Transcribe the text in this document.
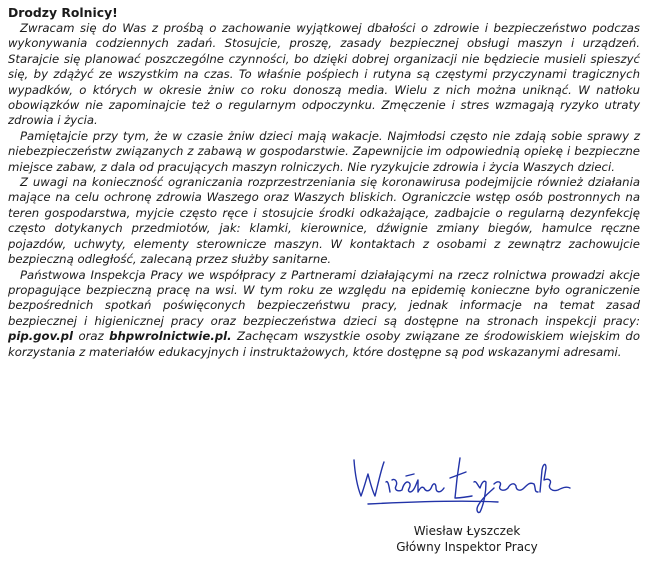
Drodzy Rolnicy!

Zwracam się do Was z prośbą o zachowanie wyjątkowej dbałości o zdrowie i bezpieczeństwo podczas wykonywania codziennych zadań. Stosujcie, proszę, zasady bezpiecznej obsługi maszyn i urządzeń. Starajcie się planować poszczególne czynności, bo dzięki dobrej organizacji nie będziecie musieli spieszyć się, by zdążyć ze wszystkim na czas. To właśnie pośpiech i rutyna są częstymi przyczynami tragicznych wypadków, o których w okresie żniw co roku donoszą media. Wielu z nich można uniknąć. W natłoku obowiązków nie zapominajcie też o regularnym odpoczynku. Zmęczenie i stres wzmagają ryzyko utraty zdrowia i życia.

Pamiętajcie przy tym, że w czasie żniw dzieci mają wakacje. Najmłodsi często nie zdają sobie sprawy z niebezpieczeństw związanych z zabawą w gospodarstwie. Zapewnijcie im odpowiednią opiekę i bezpieczne miejsce zabaw, z dala od pracujących maszyn rolniczych. Nie ryzykujcie zdrowia i życia Waszych dzieci.

Z uwagi na konieczność ograniczania rozprzestrzeniania się koronawirusa podejmijcie również działania mające na celu ochronę zdrowia Waszego oraz Waszych bliskich. Ograniczcie wstęp osób postronnych na teren gospodarstwa, myjcie często ręce i stosujcie środki odkażające, zadbajcie o regularną dezynfekcję często dotykanych przedmiotów, jak: klamki, kierownice, dźwignie zmiany biegów, hamulce ręczne pojazdów, uchwyty, elementy sterownicze maszyn. W kontaktach z osobami z zewnątrz zachowujcie bezpieczną odległość, zalecaną przez służby sanitarne.

Państwowa Inspekcja Pracy we współpracy z Partnerami działającymi na rzecz rolnictwa prowadzi akcje propagujące bezpieczną pracę na wsi. W tym roku ze względu na epidemię konieczne było ograniczenie bezpośrednich spotkań poświęconych bezpieczeństwu pracy, jednak informacje na temat zasad bezpiecznej i higienicznej pracy oraz bezpieczeństwa dzieci są dostępne na stronach inspekcji pracy: pip.gov.pl oraz bhpwrolnictwie.pl. Zachęcam wszystkie osoby związane ze środowiskiem wiejskim do korzystania z materiałów edukacyjnych i instruktażowych, które dostępne są pod wskazanymi adresami.

Wiesław Łyszczek
Główny Inspektor Pracy
